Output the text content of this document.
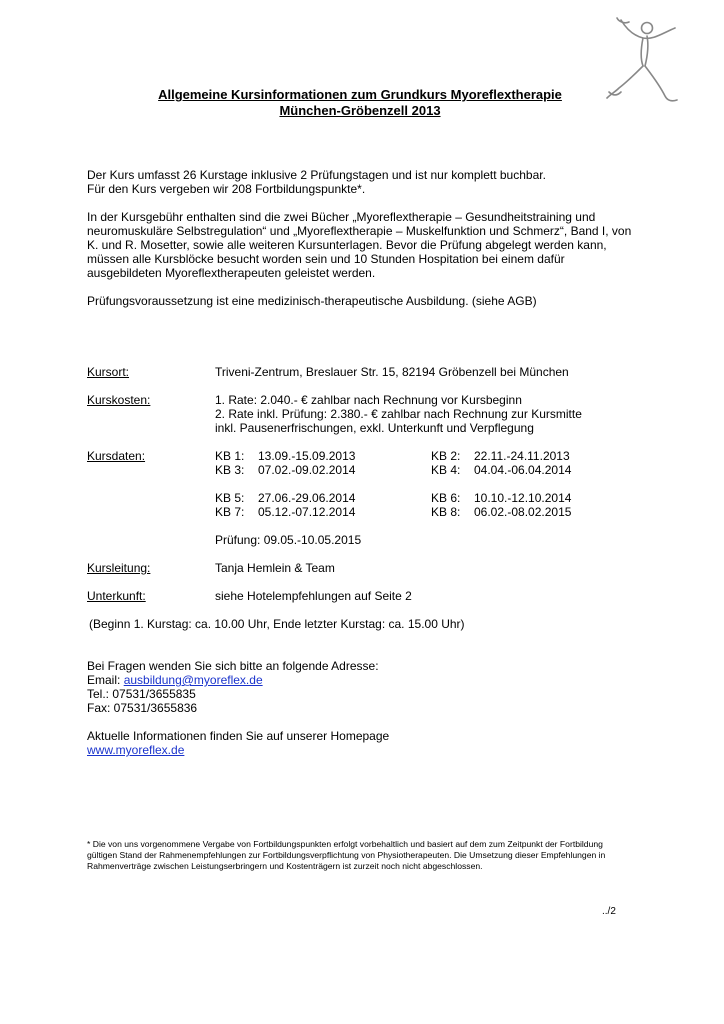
Allgemeine Kursinformationen zum Grundkurs Myoreflextherapie
München-Gröbenzell 2013
Der Kurs umfasst 26 Kurstage inklusive 2 Prüfungstagen und ist nur komplett buchbar.
Für den Kurs vergeben wir 208 Fortbildungspunkte*.
In der Kursgebühr enthalten sind die zwei Bücher „Myoreflextherapie – Gesundheitstraining und
neuromuskuläre Selbstregulation“ und „Myoreflextherapie – Muskelfunktion und Schmerz“, Band I, von
K. und R. Mosetter, sowie alle weiteren Kursunterlagen. Bevor die Prüfung abgelegt werden kann,
müssen alle Kursblöcke besucht worden sein und 10 Stunden Hospitation bei einem dafür
ausgebildeten Myoreflextherapeuten geleistet werden.
Prüfungsvoraussetzung ist eine medizinisch-therapeutische Ausbildung. (siehe AGB)
Kursort:	Triveni-Zentrum, Breslauer Str. 15, 82194 Gröbenzell bei München
Kurskosten:	1. Rate: 2.040.- € zahlbar nach Rechnung vor Kursbeginn
2. Rate inkl. Prüfung: 2.380.- € zahlbar nach Rechnung zur Kursmitte
inkl. Pausenerfrischungen, exkl. Unterkunft und Verpflegung
Kursdaten:	KB 1: 13.09.-15.09.2013	KB 2: 22.11.-24.11.2013
KB 3: 07.02.-09.02.2014	KB 4: 04.04.-06.04.2014
KB 5: 27.06.-29.06.2014	KB 6: 10.10.-12.10.2014
KB 7: 05.12.-07.12.2014	KB 8: 06.02.-08.02.2015
Prüfung: 09.05.-10.05.2015
Kursleitung:	Tanja Hemlein & Team
Unterkunft:	siehe Hotelempfehlungen auf Seite 2
(Beginn 1. Kurstag: ca. 10.00 Uhr, Ende letzter Kurstag: ca. 15.00 Uhr)
Bei Fragen wenden Sie sich bitte an folgende Adresse:
Email: ausbildung@myoreflex.de
Tel.: 07531/3655835
Fax: 07531/3655836
Aktuelle Informationen finden Sie auf unserer Homepage
www.myoreflex.de
* Die von uns vorgenommene Vergabe von Fortbildungspunkten erfolgt vorbehaltlich und basiert auf dem zum Zeitpunkt der Fortbildung gültigen Stand der Rahmenempfehlungen zur Fortbildungsverpflichtung von Physiotherapeuten. Die Umsetzung dieser Empfehlungen in Rahmenverträge zwischen Leistungserbringern und Kostenträgern ist zurzeit noch nicht abgeschlossen.
../2
